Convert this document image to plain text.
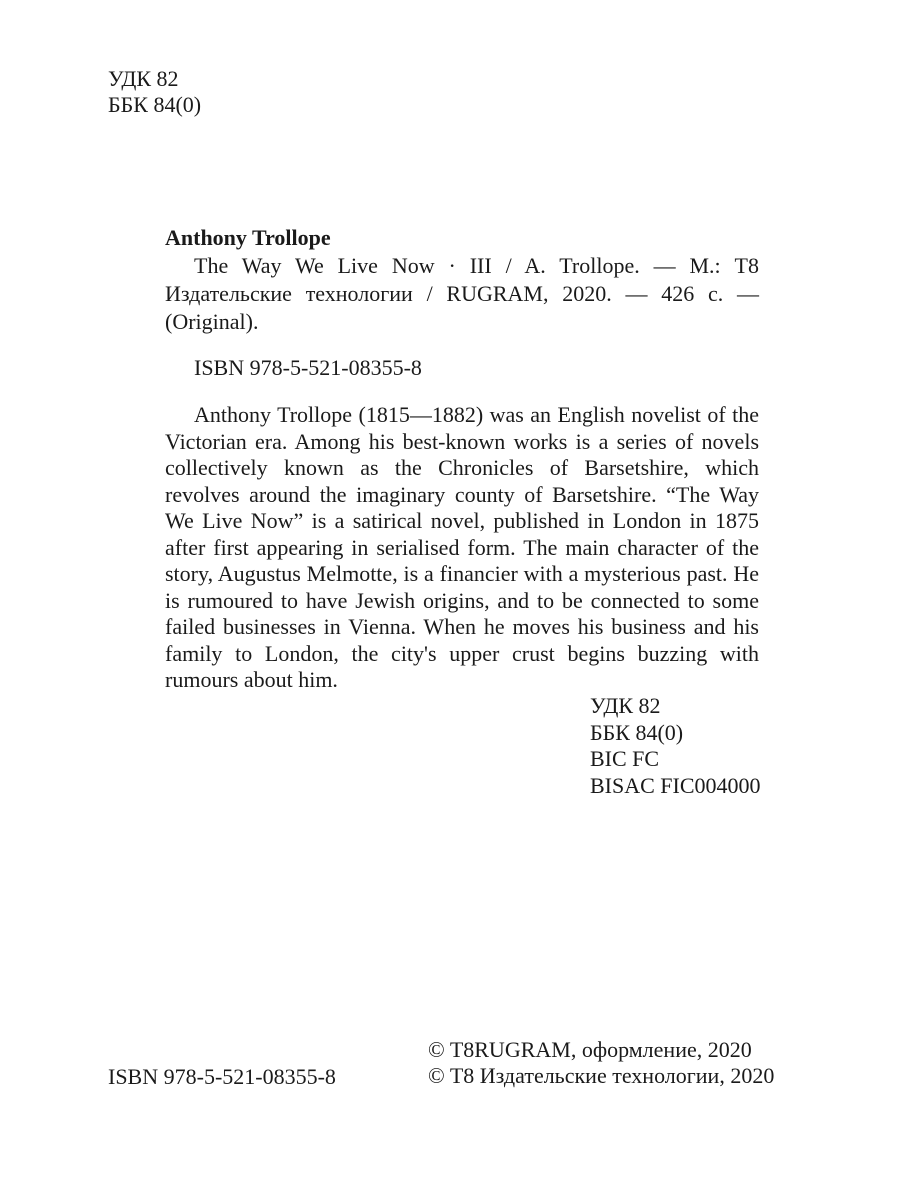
УДК 82
ББК 84(0)
Anthony Trollope
The Way We Live Now · III / A. Trollope. — М.: T8 Издательские технологии / RUGRAM, 2020. — 426 с. — (Original).
ISBN 978-5-521-08355-8
Anthony Trollope (1815—1882) was an English novelist of the Victorian era. Among his best-known works is a series of novels collectively known as the Chronicles of Barsetshire, which revolves around the imaginary county of Barsetshire. “The Way We Live Now” is a satirical novel, published in London in 1875 after first appearing in serialised form. The main character of the story, Augustus Melmotte, is a financier with a mysterious past. He is rumoured to have Jewish origins, and to be connected to some failed businesses in Vienna. When he moves his business and his family to London, the city's upper crust begins buzzing with rumours about him.
УДК 82
ББК 84(0)
BIC FC
BISAC FIC004000
ISBN 978-5-521-08355-8
© T8RUGRAM, оформление, 2020
© T8 Издательские технологии, 2020
